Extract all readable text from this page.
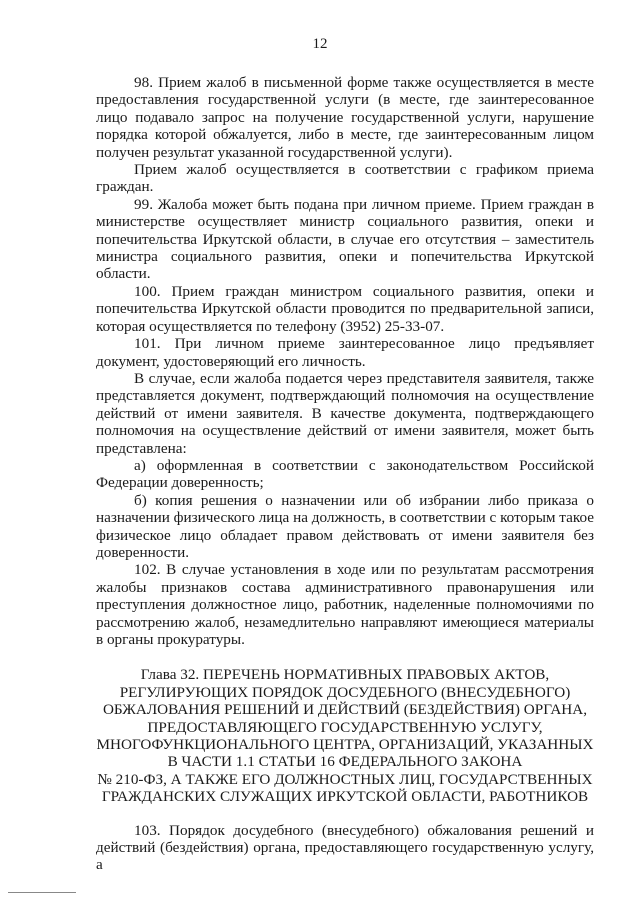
12

98. Прием жалоб в письменной форме также осуществляется в месте предоставления государственной услуги (в месте, где заинтересованное лицо подавало запрос на получение государственной услуги, нарушение порядка которой обжалуется, либо в месте, где заинтересованным лицом получен результат указанной государственной услуги).

Прием жалоб осуществляется в соответствии с графиком приема граждан.

99. Жалоба может быть подана при личном приеме. Прием граждан в министерстве осуществляет министр социального развития, опеки и попечительства Иркутской области, в случае его отсутствия – заместитель министра социального развития, опеки и попечительства Иркутской области.

100. Прием граждан министром социального развития, опеки и попечительства Иркутской области проводится по предварительной записи, которая осуществляется по телефону (3952) 25-33-07.

101. При личном приеме заинтересованное лицо предъявляет документ, удостоверяющий его личность.

В случае, если жалоба подается через представителя заявителя, также представляется документ, подтверждающий полномочия на осуществление действий от имени заявителя. В качестве документа, подтверждающего полномочия на осуществление действий от имени заявителя, может быть представлена:

а) оформленная в соответствии с законодательством Российской Федерации доверенность;

б) копия решения о назначении или об избрании либо приказа о назначении физического лица на должность, в соответствии с которым такое физическое лицо обладает правом действовать от имени заявителя без доверенности.

102. В случае установления в ходе или по результатам рассмотрения жалобы признаков состава административного правонарушения или преступления должностное лицо, работник, наделенные полномочиями по рассмотрению жалоб, незамедлительно направляют имеющиеся материалы в органы прокуратуры.

Глава 32. ПЕРЕЧЕНЬ НОРМАТИВНЫХ ПРАВОВЫХ АКТОВ,
РЕГУЛИРУЮЩИХ ПОРЯДОК ДОСУДЕБНОГО (ВНЕСУДЕБНОГО)
ОБЖАЛОВАНИЯ РЕШЕНИЙ И ДЕЙСТВИЙ (БЕЗДЕЙСТВИЯ) ОРГАНА,
ПРЕДОСТАВЛЯЮЩЕГО ГОСУДАРСТВЕННУЮ УСЛУГУ,
МНОГОФУНКЦИОНАЛЬНОГО ЦЕНТРА, ОРГАНИЗАЦИЙ, УКАЗАННЫХ
В ЧАСТИ 1.1 СТАТЬИ 16 ФЕДЕРАЛЬНОГО ЗАКОНА
№ 210-ФЗ, А ТАКЖЕ ЕГО ДОЛЖНОСТНЫХ ЛИЦ, ГОСУДАРСТВЕННЫХ
ГРАЖДАНСКИХ СЛУЖАЩИХ ИРКУТСКОЙ ОБЛАСТИ, РАБОТНИКОВ

103. Порядок досудебного (внесудебного) обжалования решений и действий (бездействия) органа, предоставляющего государственную услугу, а
